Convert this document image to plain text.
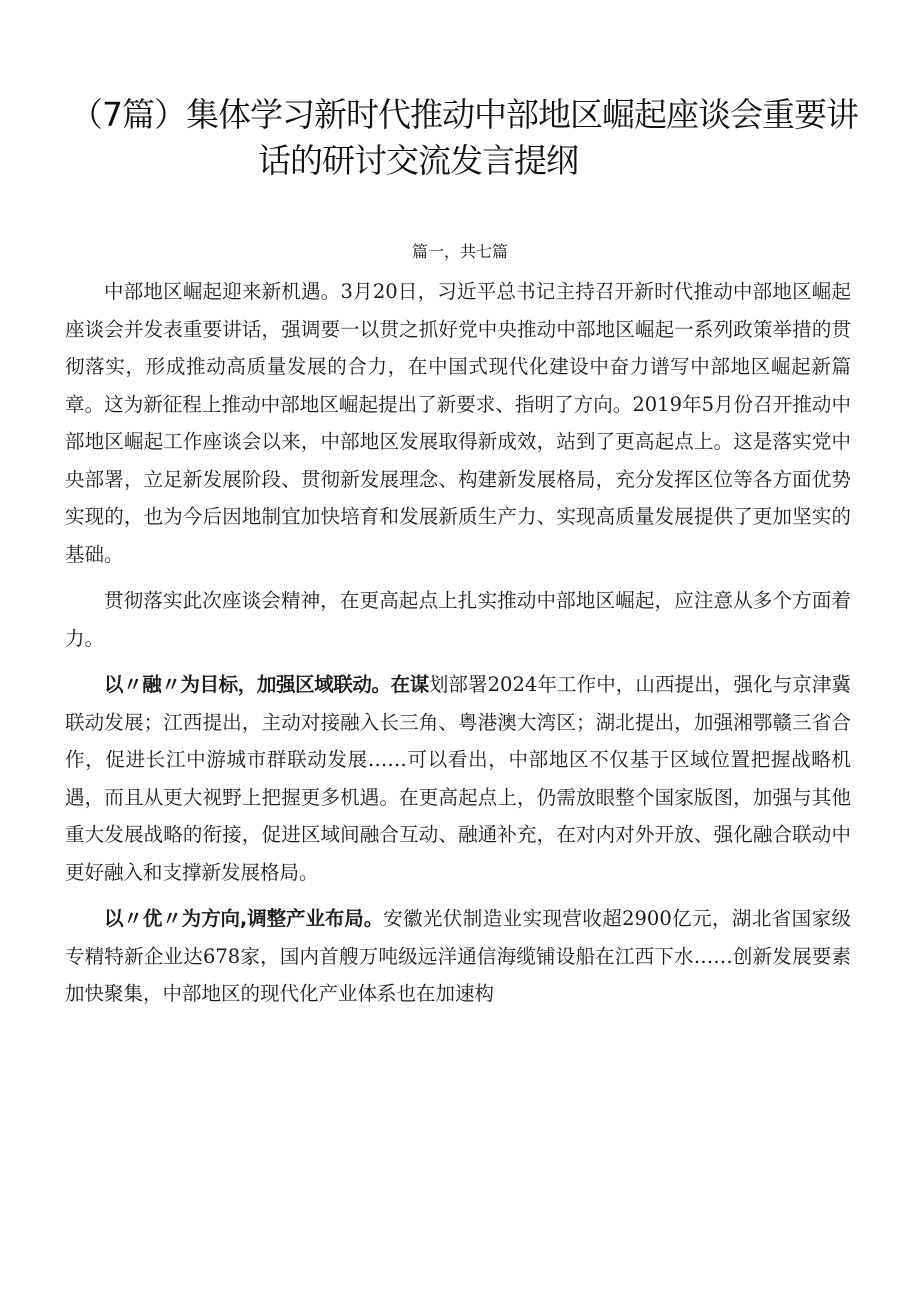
（7篇）集体学习新时代推动中部地区崛起座谈会重要讲
话的研讨交流发言提纲
篇一，共七篇

中部地区崛起迎来新机遇。3月20日，习近平总书记主持召开新时代推动中部地区崛起座谈会并发表重要讲话，强调要一以贯之抓好党中央推动中部地区崛起一系列政策举措的贯彻落实，形成推动高质量发展的合力，在中国式现代化建设中奋力谱写中部地区崛起新篇章。这为新征程上推动中部地区崛起提出了新要求、指明了方向。2019年5月份召开推动中部地区崛起工作座谈会以来，中部地区发展取得新成效，站到了更高起点上。这是落实党中央部署，立足新发展阶段、贯彻新发展理念、构建新发展格局，充分发挥区位等各方面优势实现的，也为今后因地制宜加快培育和发展新质生产力、实现高质量发展提供了更加坚实的基础。

贯彻落实此次座谈会精神，在更高起点上扎实推动中部地区崛起，应注意从多个方面着力。

以〃融〃为目标，加强区域联动。在谋划部署2024年工作中，山西提出，强化与京津冀联动发展；江西提出，主动对接融入长三角、粤港澳大湾区；湖北提出，加强湘鄂赣三省合作，促进长江中游城市群联动发展……可以看出，中部地区不仅基于区域位置把握战略机遇，而且从更大视野上把握更多机遇。在更高起点上，仍需放眼整个国家版图，加强与其他重大发展战略的衔接，促进区域间融合互动、融通补充，在对内对外开放、强化融合联动中更好融入和支撑新发展格局。

以〃优〃为方向,调整产业布局。安徽光伏制造业实现营收超2900亿元，湖北省国家级专精特新企业达678家，国内首艘万吨级远洋通信海缆铺设船在江西下水……创新发展要素加快聚集，中部地区的现代化产业体系也在加速构
